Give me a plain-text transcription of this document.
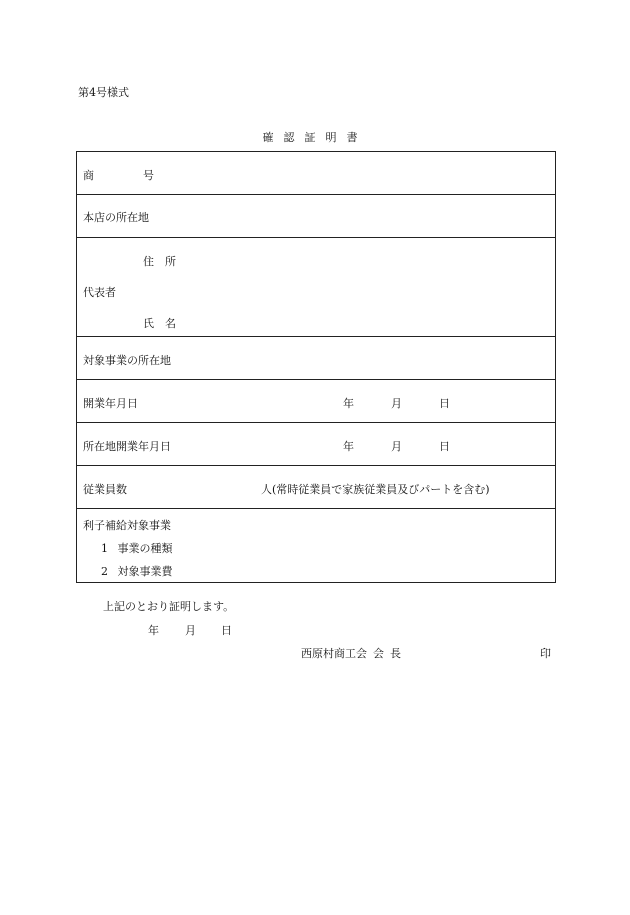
第4号様式
確認証明書
商	号
本店の所在地
代表者
住 所
氏 名
対象事業の所在地
開業年月日	年	月	日
所在地開業年月日	年	月	日
従業員数	人(常時従業員で家族従業員及びパートを含む)
利子補給対象事業
1 事業の種類
2 対象事業費
上記のとおり証明します。
年 月 日
西原村商工会 会長	印
